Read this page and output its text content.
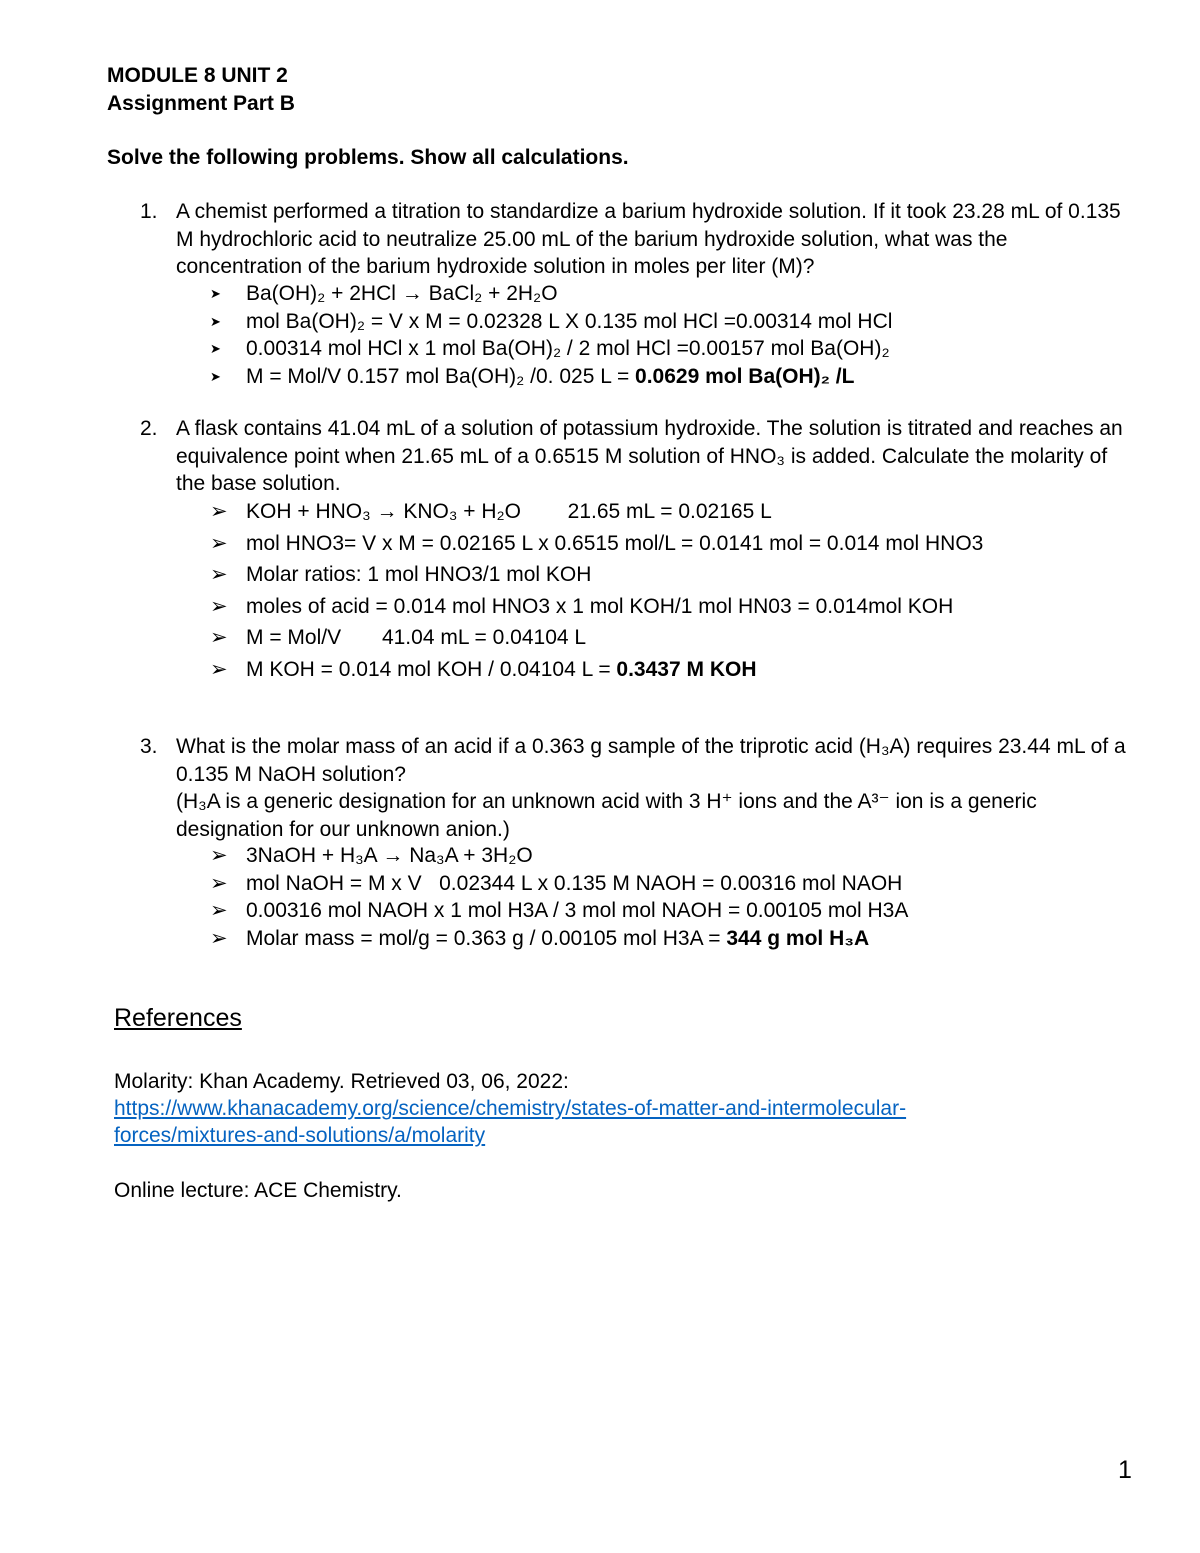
MODULE 8 UNIT 2
Assignment Part B
Solve the following problems. Show all calculations.
1. A chemist performed a titration to standardize a barium hydroxide solution. If it took 23.28 mL of 0.135 M hydrochloric acid to neutralize 25.00 mL of the barium hydroxide solution, what was the concentration of the barium hydroxide solution in moles per liter (M)?
➤ Ba(OH)₂ + 2HCl → BaCl₂ + 2H₂O
➤ mol Ba(OH)₂ = V x M = 0.02328 L X 0.135 mol HCl =0.00314 mol HCl
➤ 0.00314 mol HCl x 1 mol Ba(OH)₂ / 2 mol HCl =0.00157 mol Ba(OH)₂
➤ M = Mol/V 0.157 mol Ba(OH)₂ /0. 025 L = 0.0629 mol Ba(OH)₂ /L
2. A flask contains 41.04 mL of a solution of potassium hydroxide. The solution is titrated and reaches an equivalence point when 21.65 mL of a 0.6515 M solution of HNO₃ is added. Calculate the molarity of the base solution.
➢ KOH + HNO₃ → KNO₃ + H₂O        21.65 mL = 0.02165 L
➢ mol HNO3= V x M = 0.02165 L x 0.6515 mol/L = 0.0141 mol = 0.014 mol HNO3
➢ Molar ratios: 1 mol HNO3/1 mol KOH
➢ moles of acid = 0.014 mol HNO3 x 1 mol KOH/1 mol HN03 = 0.014mol KOH
➢ M = Mol/V       41.04 mL = 0.04104 L
➢ M KOH = 0.014 mol KOH / 0.04104 L = 0.3437 M KOH
3. What is the molar mass of an acid if a 0.363 g sample of the triprotic acid (H₃A) requires 23.44 mL of a 0.135 M NaOH solution?
(H₃A is a generic designation for an unknown acid with 3 H⁺ ions and the A³⁻ ion is a generic designation for our unknown anion.)
➢ 3NaOH + H₃A → Na₃A + 3H₂O
➢ mol NaOH = M x V   0.02344 L x 0.135 M NAOH = 0.00316 mol NAOH
➢ 0.00316 mol NAOH x 1 mol H3A / 3 mol mol NAOH = 0.00105 mol H3A
➢ Molar mass = mol/g = 0.363 g / 0.00105 mol H3A = 344 g mol H₃A
References
Molarity: Khan Academy. Retrieved 03, 06, 2022:
https://www.khanacademy.org/science/chemistry/states-of-matter-and-intermolecular-
forces/mixtures-and-solutions/a/molarity
Online lecture: ACE Chemistry.
1
